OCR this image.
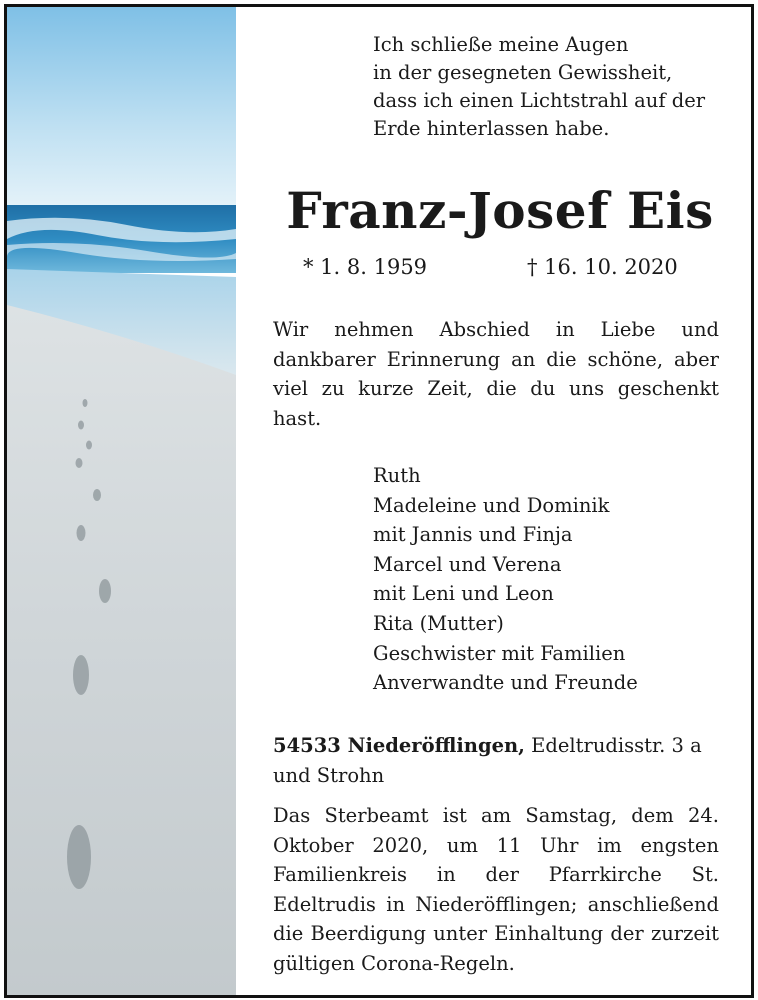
Ich schließe meine Augen
in der gesegneten Gewissheit,
dass ich einen Lichtstrahl auf der
Erde hinterlassen habe.
Franz-Josef Eis
* 1. 8. 1959	† 16. 10. 2020

Wir nehmen Abschied in Liebe und dankbarer Erinnerung an die schöne, aber viel zu kurze Zeit, die du uns geschenkt hast.

Ruth
Madeleine und Dominik
mit Jannis und Finja
Marcel und Verena
mit Leni und Leon
Rita (Mutter)
Geschwister mit Familien
Anverwandte und Freunde

54533 Niederöfflingen, Edeltrudisstr. 3 a
und Strohn

Das Sterbeamt ist am Samstag, dem 24. Oktober 2020, um 11 Uhr im engsten Familienkreis in der Pfarrkirche St. Edeltrudis in Niederöfflingen; anschließend die Beerdigung unter Einhaltung der zurzeit gültigen Corona-Regeln.
